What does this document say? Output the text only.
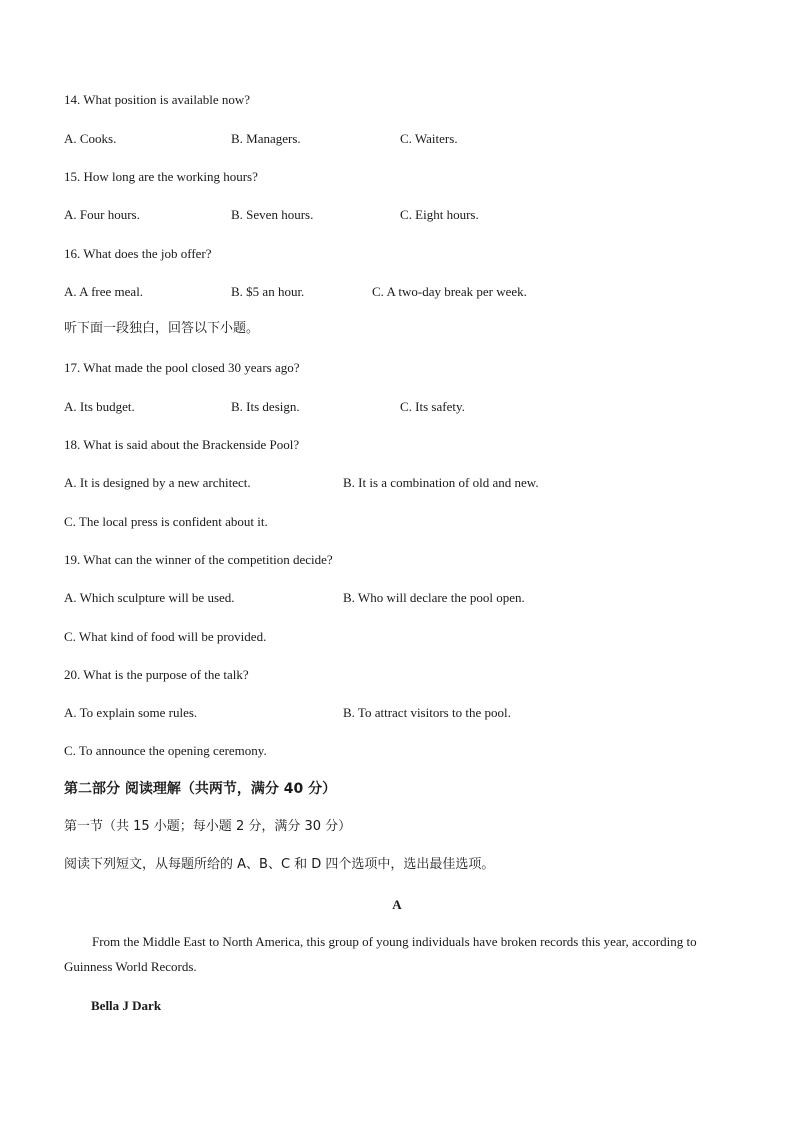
14. What position is available now?
A. Cooks.	B. Managers.	C. Waiters.
15. How long are the working hours?
A. Four hours.	B. Seven hours.	C. Eight hours.
16. What does the job offer?
A. A free meal.	B. $5 an hour.	C. A two-day break per week.
听下面一段独白，回答以下小题。
17. What made the pool closed 30 years ago?
A. Its budget.	B. Its design.	C. Its safety.
18. What is said about the Brackenside Pool?
A. It is designed by a new architect.	B. It is a combination of old and new.
C. The local press is confident about it.
19. What can the winner of the competition decide?
A. Which sculpture will be used.	B. Who will declare the pool open.
C. What kind of food will be provided.
20. What is the purpose of the talk?
A. To explain some rules.	B. To attract visitors to the pool.
C. To announce the opening ceremony.
第二部分 阅读理解（共两节，满分 40 分）
第一节（共 15 小题；每小题 2 分，满分 30 分）
阅读下列短文，从每题所给的 A、B、C 和 D 四个选项中，选出最佳选项。
A
From the Middle East to North America, this group of young individuals have broken records this year, according to Guinness World Records.
Bella J Dark
